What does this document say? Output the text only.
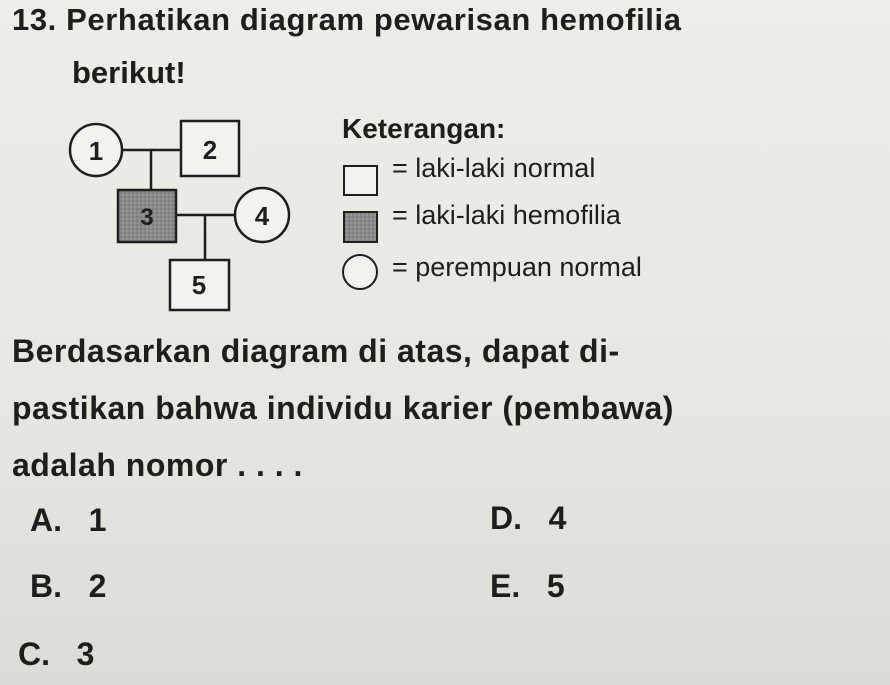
13. Perhatikan diagram pewarisan hemofilia
berikut!
1	2
3	4
5
Keterangan:
= laki-laki normal
= laki-laki hemofilia
= perempuan normal
Berdasarkan diagram di atas, dapat di-
pastikan bahwa individu karier (pembawa)
adalah nomor . . . .
A. 1
B. 2
C. 3
D. 4
E. 5
